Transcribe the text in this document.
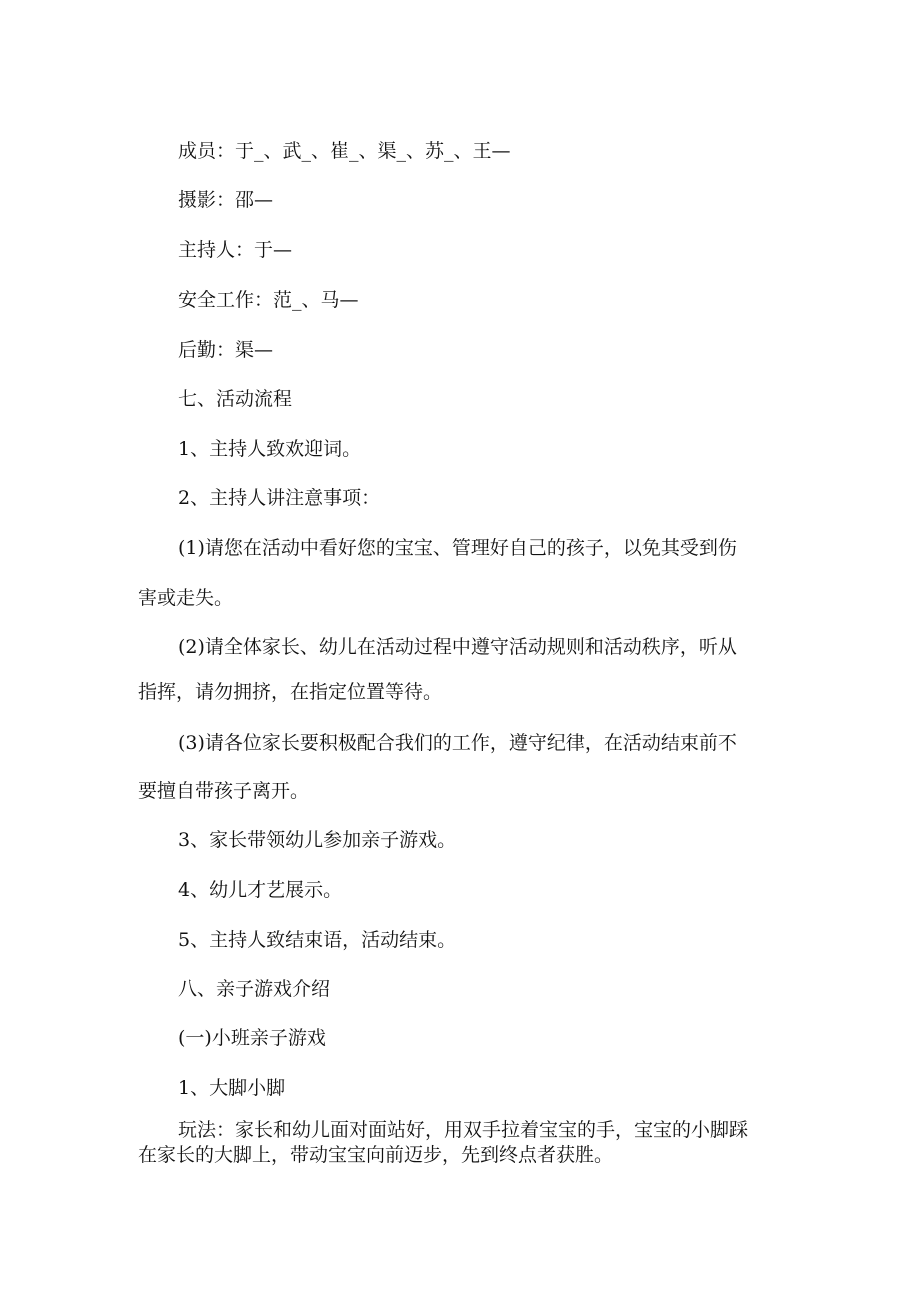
成员：于_、武_、崔_、渠_、苏_、王—
摄影：邵—
主持人：于—
安全工作：范_、马—
后勤：渠—
七、活动流程
1、主持人致欢迎词。
2、主持人讲注意事项：
(1)请您在活动中看好您的宝宝、管理好自己的孩子，以免其受到伤
害或走失。
(2)请全体家长、幼儿在活动过程中遵守活动规则和活动秩序，听从
指挥，请勿拥挤，在指定位置等待。
(3)请各位家长要积极配合我们的工作，遵守纪律，在活动结束前不
要擅自带孩子离开。
3、家长带领幼儿参加亲子游戏。
4、幼儿才艺展示。
5、主持人致结束语，活动结束。
八、亲子游戏介绍
(一)小班亲子游戏
1、大脚小脚
玩法：家长和幼儿面对面站好，用双手拉着宝宝的手，宝宝的小脚踩
在家长的大脚上，带动宝宝向前迈步，先到终点者获胜。
